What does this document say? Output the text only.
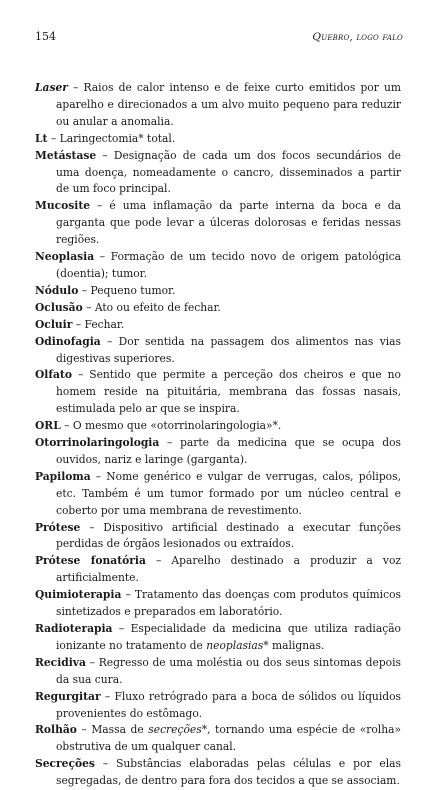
154	Quebro, logo falo

Laser – Raios de calor intenso e de feixe curto emitidos por um aparelho e direcionados a um alvo muito pequeno para reduzir ou anular a anomalia.

Lt – Laringectomia* total.

Metástase – Designação de cada um dos focos secundários de uma doença, nomeadamente o cancro, disseminados a partir de um foco principal.

Mucosite – é uma inflamação da parte interna da boca e da garganta que pode levar a úlceras dolorosas e feridas nessas regiões.

Neoplasia – Formação de um tecido novo de origem patológica (doentia); tumor.

Nódulo – Pequeno tumor.

Oclusão – Ato ou efeito de fechar.

Ocluir – Fechar.

Odinofagia – Dor sentida na passagem dos alimentos nas vias digestivas superiores.

Olfato – Sentido que permite a perceção dos cheiros e que no homem reside na pituitária, membrana das fossas nasais, estimulada pelo ar que se inspira.

ORL – O mesmo que «otorrinolaringologia»*.

Otorrinolaringologia – parte da medicina que se ocupa dos ouvidos, nariz e laringe (garganta).

Papiloma – Nome genérico e vulgar de verrugas, calos, pólipos, etc. Também é um tumor formado por um núcleo central e coberto por uma membrana de revestimento.

Prótese – Dispositivo artificial destinado a executar funções perdidas de órgãos lesionados ou extraídos.

Prótese fonatória – Aparelho destinado a produzir a voz artificialmente.

Quimioterapia – Tratamento das doenças com produtos químicos sintetizados e preparados em laboratório.

Radioterapia – Especialidade da medicina que utiliza radiação ionizante no tratamento de neoplasias* malignas.

Recidiva – Regresso de uma moléstia ou dos seus sintomas depois da sua cura.

Regurgitar – Fluxo retrógrado para a boca de sólidos ou líquidos provenientes do estômago.

Rolhão – Massa de secreções*, tornando uma espécie de «rolha» obstrutiva de um qualquer canal.

Secreções – Substâncias elaboradas pelas células e por elas segregadas, de dentro para fora dos tecidos a que se associam.
